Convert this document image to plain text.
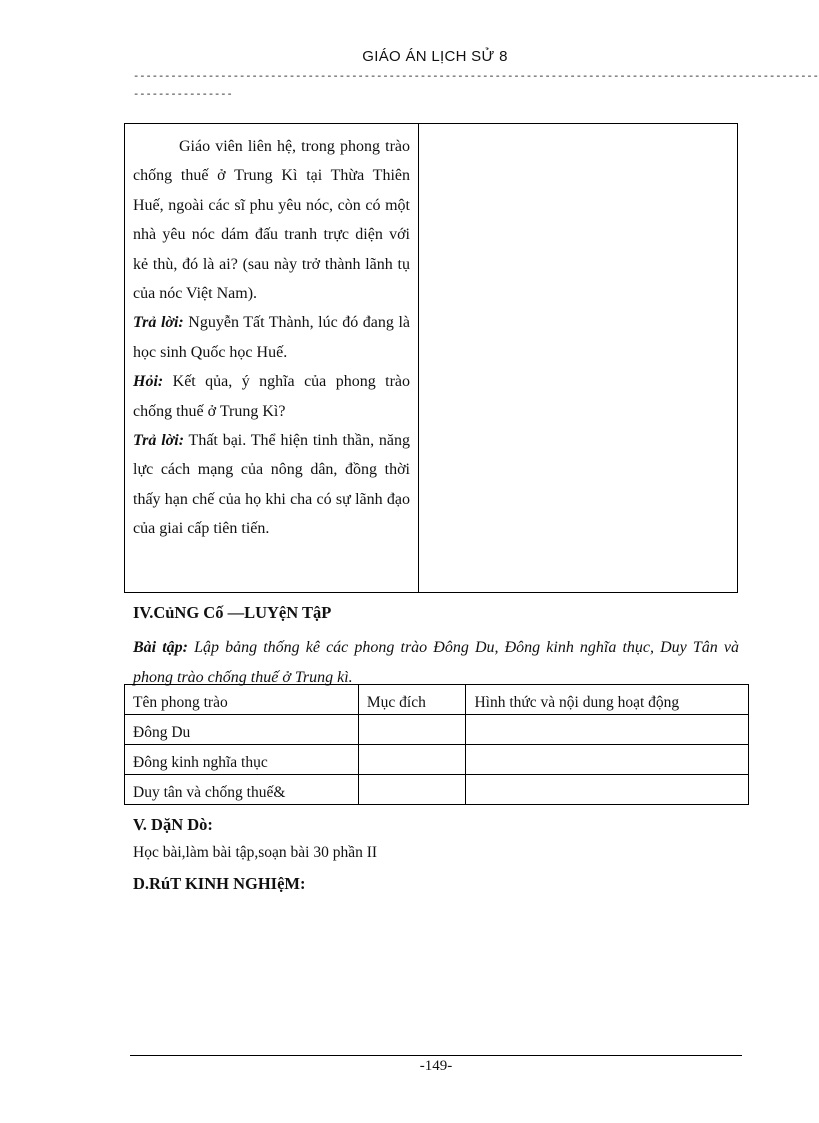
GIÁO ÁN LỊCH SỬ 8
--------------------------------------------------------------------------------------------------------------
----------------

Giáo viên liên hệ, trong phong trào chống thuế ở Trung Kì tại Thừa Thiên Huế, ngoài các sĩ phu yêu nóc, còn có một nhà yêu nóc dám đấu tranh trực diện với kẻ thù, đó là ai? (sau này trở thành lãnh tụ của nóc Việt Nam).

Trả lời: Nguyễn Tất Thành, lúc đó đang là học sinh Quốc học Huế.

Hỏi: Kết qủa, ý nghĩa của phong trào chống thuế ở Trung Kì?

Trả lời: Thất bại. Thể hiện tinh thần, năng lực cách mạng của nông dân, đồng thời thấy hạn chế của họ khi cha có sự lãnh đạo của giai cấp tiên tiến.

IV.CủNG Cố —LUYệN TậP
Bài tập: Lập bảng thống kê các phong trào Đông Du, Đông kinh nghĩa thục, Duy Tân và phong trào chống thuế ở Trung kì.
Tên phong trào	Mục đích	Hình thức và nội dung hoạt động
Đông Du		
Đông kinh nghĩa thục		
Duy tân và chống thuế&		
V. DặN Dò:
Học bài,làm bài tập,soạn bài 30 phần II
D.RúT KINH NGHIệM:
-149-
